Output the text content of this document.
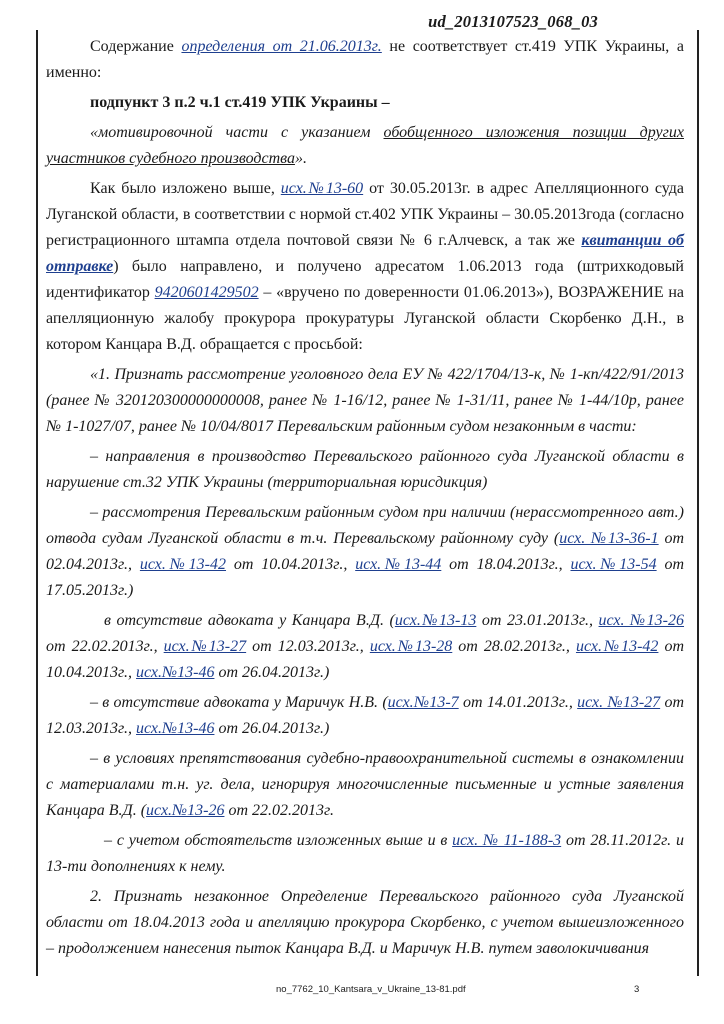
ud_2013107523_068_03

Содержание определения от 21.06.2013г. не соответствует ст.419 УПК Украины, а именно:

подпункт 3 п.2 ч.1 ст.419 УПК Украины –

«мотивировочной части с указанием обобщенного изложения позиции других участников судебного производства».

Как было изложено выше, исх.№13-60 от 30.05.2013г. в адрес Апелляционного суда Луганской области, в соответствии с нормой ст.402 УПК Украины – 30.05.2013года (согласно регистрационного штампа отдела почтовой связи № 6 г.Алчевск, а так же квитанции об отправке) было направлено, и получено адресатом 1.06.2013 года (штрихкодовый идентификатор 9420601429502 – «вручено по доверенности 01.06.2013»), ВОЗРАЖЕНИЕ на апелляционную жалобу прокурора прокуратуры Луганской области Скорбенко Д.Н., в котором Канцара В.Д. обращается с просьбой:

«1. Признать рассмотрение уголовного дела ЕУ № 422/1704/13-к, № 1-кп/422/91/2013 (ранее № 320120300000000008, ранее № 1-16/12, ранее № 1-31/11, ранее № 1-44/10р, ранее № 1-1027/07, ранее № 10/04/8017 Перевальским районным судом незаконным в части:

– направления в производство Перевальского районного суда Луганской области в нарушение ст.32 УПК Украины (территориальная юрисдикция)

– рассмотрения Перевальским районным судом при наличии (нерассмотренного авт.) отвода судам Луганской области в т.ч. Перевальскому районному суду (исх. №13-36-1 от 02.04.2013г., исх.№13-42 от 10.04.2013г., исх.№13-44 от 18.04.2013г., исх.№13-54 от 17.05.2013г.)

в отсутствие адвоката у Канцара В.Д. (исх.№13-13 от 23.01.2013г., исх. №13-26 от 22.02.2013г., исх.№13-27 от 12.03.2013г., исх.№13-28 от 28.02.2013г., исх.№13-42 от 10.04.2013г., исх.№13-46 от 26.04.2013г.)

– в отсутствие адвоката у Маричук Н.В. (исх.№13-7 от 14.01.2013г., исх. №13-27 от 12.03.2013г., исх.№13-46 от 26.04.2013г.)

– в условиях препятствования судебно-правоохранительной системы в ознакомлении с материалами т.н. уг. дела, игнорируя многочисленные письменные и устные заявления Канцара В.Д. (исх.№13-26 от 22.02.2013г.

– с учетом обстоятельств изложенных выше и в исх. № 11-188-3 от 28.11.2012г. и 13-ти дополнениях к нему.

2. Признать незаконное Определение Перевальского районного суда Луганской области от 18.04.2013 года и апелляцию прокурора Скорбенко, с учетом вышеизложенного – продолжением нанесения пыток Канцара В.Д. и Маричук Н.В. путем заволокичивания

no_7762_10_Kantsara_v_Ukraine_13-81.pdf	3
